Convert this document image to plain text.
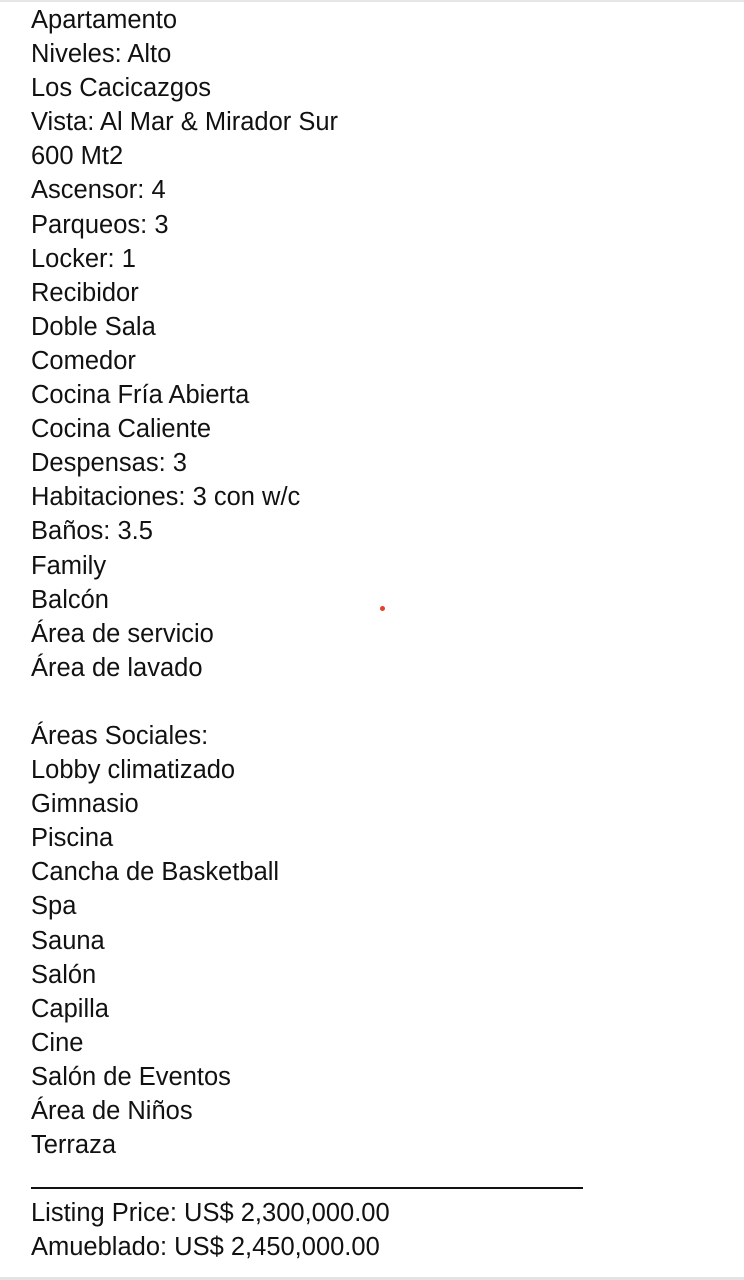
Apartamento
Niveles: Alto
Los Cacicazgos
Vista: Al Mar & Mirador Sur
600 Mt2
Ascensor: 4
Parqueos: 3
Locker: 1
Recibidor
Doble Sala
Comedor
Cocina Fría Abierta
Cocina Caliente
Despensas: 3
Habitaciones: 3 con w/c
Baños: 3.5
Family
Balcón
Área de servicio
Área de lavado
Áreas Sociales:
Lobby climatizado
Gimnasio
Piscina
Cancha de Basketball
Spa
Sauna
Salón
Capilla
Cine
Salón de Eventos
Área de Niños
Terraza
Listing Price: US$ 2,300,000.00
Amueblado: US$ 2,450,000.00
